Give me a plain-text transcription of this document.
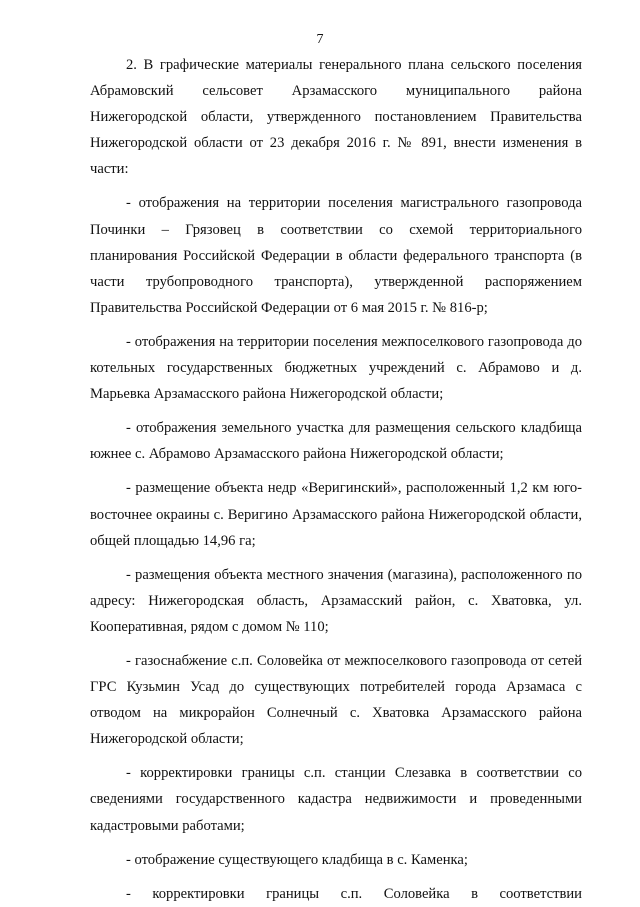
7

2. В графические материалы генерального плана сельского поселения Абрамовский сельсовет Арзамасского муниципального района Нижегородской области, утвержденного постановлением Правительства Нижегородской области от 23 декабря 2016 г. № 891, внести изменения в части:

- отображения на территории поселения магистрального газопровода Починки – Грязовец в соответствии со схемой территориального планирования Российской Федерации в области федерального транспорта (в части трубопроводного транспорта), утвержденной распоряжением Правительства Российской Федерации от 6 мая 2015 г. № 816-р;

- отображения на территории поселения межпоселкового газопровода до котельных государственных бюджетных учреждений с. Абрамово и д. Марьевка Арзамасского района Нижегородской области;

- отображения земельного участка для размещения сельского кладбища южнее с. Абрамово Арзамасского района Нижегородской области;

- размещение объекта недр «Веригинский», расположенный 1,2 км юго-восточнее окраины с. Веригино Арзамасского района Нижегородской области, общей площадью 14,96 га;

- размещения объекта местного значения (магазина), расположенного по адресу: Нижегородская область, Арзамасский район, с. Хватовка, ул. Кооперативная, рядом с домом № 110;

- газоснабжение с.п. Соловейка от межпоселкового газопровода от сетей ГРС Кузьмин Усад до существующих потребителей города Арзамаса с отводом на микрорайон Солнечный с. Хватовка Арзамасского района Нижегородской области;

- корректировки границы с.п. станции Слезавка в соответствии со сведениями государственного кадастра недвижимости и проведенными кадастровыми работами;

- отображение существующего кладбища в с. Каменка;

- корректировки границы с.п. Соловейка в соответствии
